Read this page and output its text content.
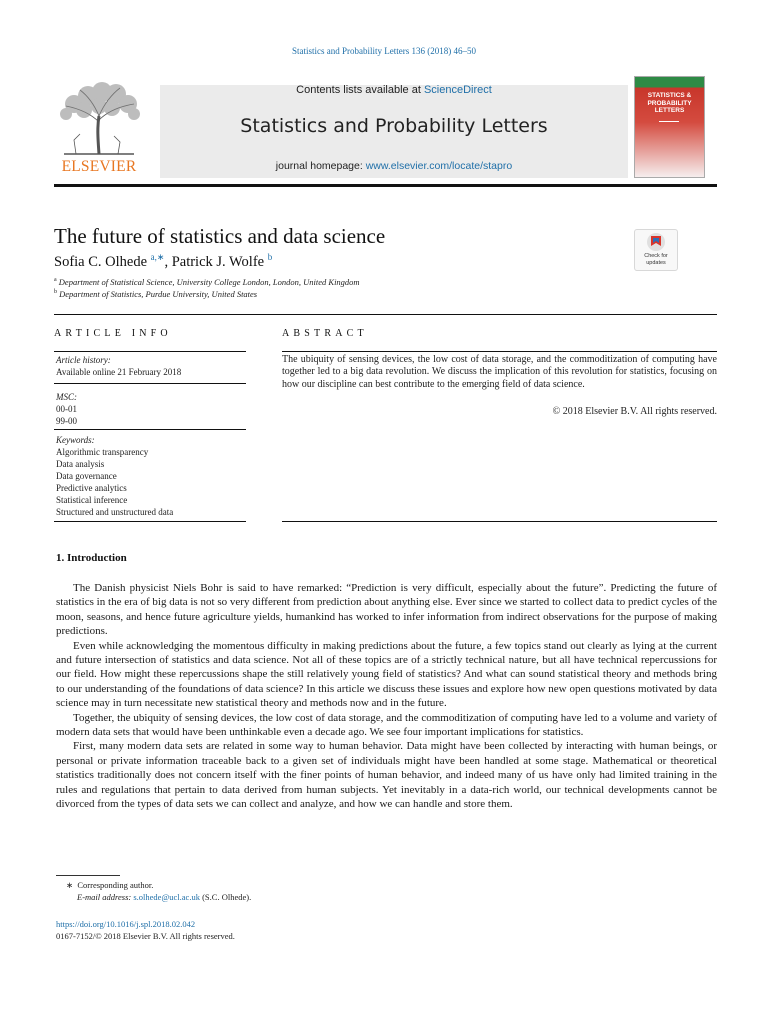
Statistics and Probability Letters 136 (2018) 46–50
ELSEVIER
Contents lists available at ScienceDirect
Statistics and Probability Letters
journal homepage: www.elsevier.com/locate/stapro
STATISTICS &
PROBABILITY
LETTERS
The future of statistics and data science
Sofia C. Olhede $^{a,∗}$, Patrick J. Wolfe $^b$	Check for
updates
$^a$ Department of Statistical Science, University College London, London, United Kingdom
$^b$ Department of Statistics, Purdue University, United States
ARTICLE INFO	ABSTRACT
Article history:
Available online 21 February 2018
MSC:
00-01
99-00
Keywords:
Algorithmic transparency
Data analysis
Data governance
Predictive analytics
Statistical inference
Structured and unstructured data
The ubiquity of sensing devices, the low cost of data storage, and the commoditization of computing have together led to a big data revolution. We discuss the implication of this revolution for statistics, focusing on how our discipline can best contribute to the emerging field of data science.
© 2018 Elsevier B.V. All rights reserved.
1. Introduction

The Danish physicist Niels Bohr is said to have remarked: “Prediction is very difficult, especially about the future”. Predicting the future of statistics in the era of big data is not so very different from prediction about anything else. Ever since we started to collect data to predict cycles of the moon, seasons, and hence future agriculture yields, humankind has worked to infer information from indirect observations for the purpose of making predictions.

Even while acknowledging the momentous difficulty in making predictions about the future, a few topics stand out clearly as lying at the current and future intersection of statistics and data science. Not all of these topics are of a strictly technical nature, but all have technical repercussions for our field. How might these repercussions shape the still relatively young field of statistics? And what can sound statistical theory and methods bring to our understanding of the foundations of data science? In this article we discuss these issues and explore how new open questions motivated by data science may in turn necessitate new statistical theory and methods now and in the future.

Together, the ubiquity of sensing devices, the low cost of data storage, and the commoditization of computing have led to a volume and variety of modern data sets that would have been unthinkable even a decade ago. We see four important implications for statistics.

First, many modern data sets are related in some way to human behavior. Data might have been collected by interacting with human beings, or personal or private information traceable back to a given set of individuals might have been handled at some stage. Mathematical or theoretical statistics traditionally does not concern itself with the finer points of human behavior, and indeed many of us have only had limited training in the rules and regulations that pertain to data derived from human subjects. Yet inevitably in a data-rich world, our technical developments cannot be divorced from the types of data sets we can collect and analyze, and how we can handle and store them.

∗ Corresponding author.
E-mail address: s.olhede@ucl.ac.uk (S.C. Olhede).
https://doi.org/10.1016/j.spl.2018.02.042
0167-7152/© 2018 Elsevier B.V. All rights reserved.
